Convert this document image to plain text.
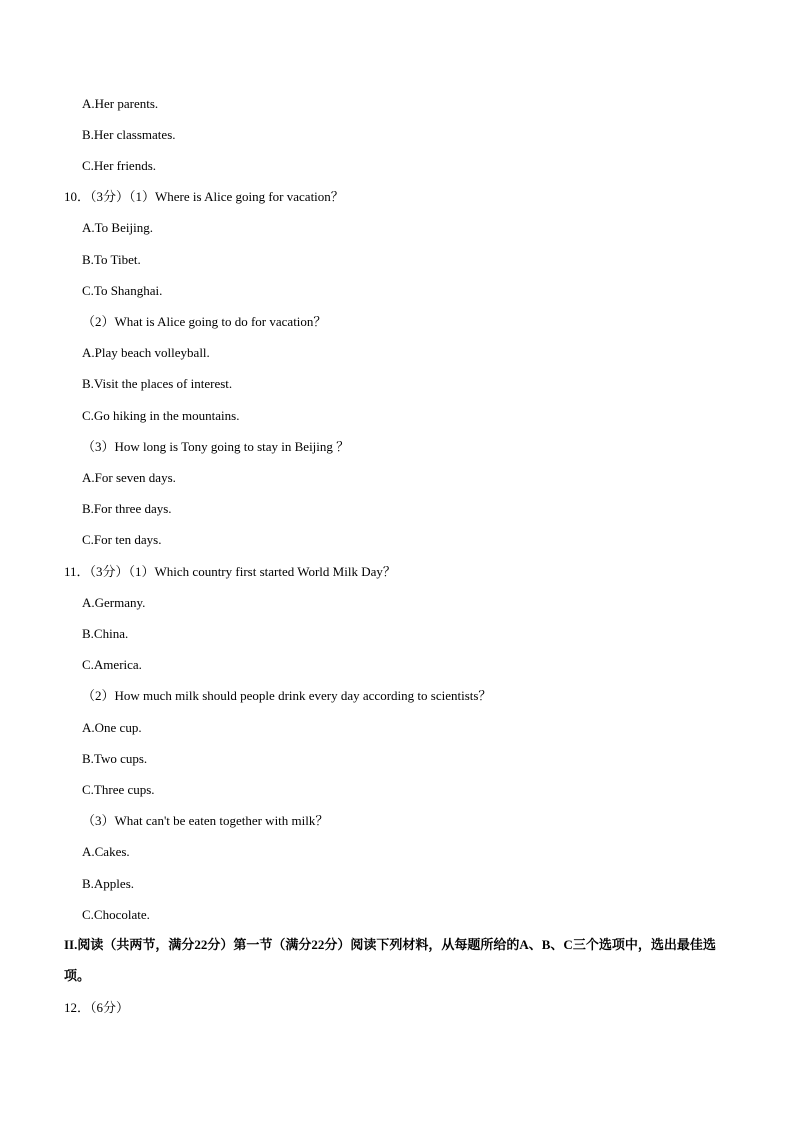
A.Her parents.
B.Her classmates.
C.Her friends.
10．（3分）（1）Where is Alice going for vacation？
A.To Beijing.
B.To Tibet.
C.To Shanghai.
（2）What is Alice going to do for vacation？
A.Play beach volleyball.
B.Visit the places of interest.
C.Go hiking in the mountains.
（3）How long is Tony going to stay in Beijing ？
A.For seven days.
B.For three days.
C.For ten days.
11．（3分）（1）Which country first started World Milk Day？
A.Germany.
B.China.
C.America.
（2）How much milk should people drink every day according to scientists？
A.One cup.
B.Two cups.
C.Three cups.
（3）What can't be eaten together with milk？
A.Cakes.
B.Apples.
C.Chocolate.
II.阅读（共两节，满分22分）第一节（满分22分）阅读下列材料，从每题所给的A、B、C三个选项中，选出最佳选项。
12．（6分）
